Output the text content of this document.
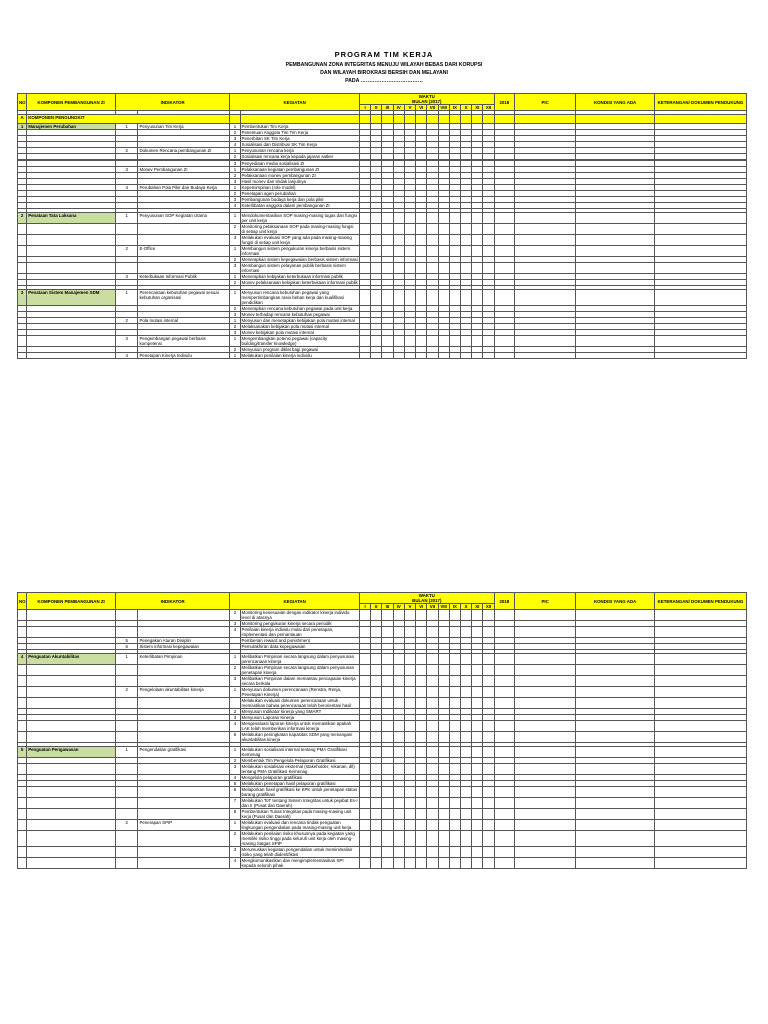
PROGRAM TIM KERJA
PEMBANGUNAN ZONA INTEGRITAS MENUJU WILAYAH BEBAS DARI KORUPSI
DAN WILAYAH BIROKRASI BERSIH DAN MELAYANI
PADA ………………………………
NO	KOMPONEN PEMBANGUNAN ZI	INDIKATOR		KEGIATAN		WAKTU
BULAN (2017)												2018	PIC	KONDISI YANG ADA	KETERANGAN/ DOKUMEN PENDUKUNG
						I	II	III	IV	V	VI	VII	VIII	IX	X	XI	XII				

A	KOMPONEN PENGUNGKIT																				
1	Manajemen Perubahan	1	Penyusunan Tim Kerja	1	Pembentukan Tim Kerja																
				2	Penentuan Anggota Tim Tim Kerja																
				3	Penerbitan SK Tim Kerja																
				4	Sosialisasi dan Distribusi SK Tim Kerja																
		2	Dokumen Rencana pembangunan ZI	1	Penyusunan rencana kerja																
				2	Sosialisasi rencana kerja kepada jajaran satker																

				3	Penyediaan media sosialisasi ZI																
		3	Monev Pembangunan ZI	1	Pelaksanaan kegiatan pembangunan ZI																
				2	Pelaksanaan monev pembangunan ZI																
				3	Hasil monev dan tindak lanjutnya																
		4	Perubahan Pola Pikir dan Budaya Kerja	1	Kepemimpinan (role model)																
				2	Penetapan agen perubahan																
				3	Pembangunan budaya kerja dan pola pikir																
				4	Keterlibatan anggota dalam pembangunan ZI																

2	Penataan Tata Laksana	1	Penyusunan SOP Kegiatan Utama	1	Mendokumentasikan SOP masing-masing tugas dan fungsi per unit kerja																
				2	Monitoring pelaksanaan SOP pada masing-masing fungsi di setiap unit kerja																
				3	Melakukan evaluasi SOP yang ada pada masing-masing fungsi di setiap unit kerja																
		2	E-Office	1	Membangun sistem pengukuran kinerja berbasis sistem informasi																
				2	Menerapkan sistem kepegawaian berbasis sistem informasi																
				3	Membangun sistem pelayanan publik berbasis sistem informasi																
		3	Keterbukaan Informasi Publik	1	Menerapkan kebijakan keterbukaan informasi publik																
				2	Monev pelaksanaan kebijakan keterbukaan informasi publik																

3	Penataan Sistem Manajemen SDM	1	Perencanaan kebutuhan pegawai sesuai kebutuhan organisasi	1	Menyusun rencana kebutuhan pegawai yang mempertimbangkan rasio beban kerja dan kualifikasi pendidikan																
				2	Menerapkan rencana kebutuhan pegawai pada unit kerja																
				3	Monev terhadap rencana kebutuhan pegawai																
		2	Pola mutasi internal	1	Menyusun dan menetapkan kebijakan pola mutasi internal																
				2	Melaksanakan kebijakan pola mutasi internal																
				3	Monev kebijakan pola mutasi internal																
		3	Pengembangan pegawai berbasis kompetensi	1	Mengembangkan potensi pegawai (capacity building/transfer knowledge)																
				2	Menyusun program diklat bagi pegawai																
		4	Penetapan Kinerja Individu	1	Melakukan penilaian kinerja individu																
NO	KOMPONEN PEMBANGUNAN ZI	INDIKATOR		KEGIATAN		WAKTU
BULAN (2017)												2018	PIC	KONDISI YANG ADA	KETERANGAN/ DOKUMEN PENDUKUNG
						I	II	III	IV	V	VI	VII	VIII	IX	X	XI	XII				
				2	Monitoring kesesuaian dengan indikator kinerja individu level di atasnya																
				3	Monitoring pengukuran kinerja secara periodik																
				4	Penilaian kinerja individu mulai dari penetapan, implementasi dan pemantauan																
		5	Penegakan Aturan Disiplin		Pemberian reward and punishment																
		6	Sistem informasi kepegawaian		Pemutakhiran data kepegawaian																

4	Penguatan Akuntabilitas	1	Keterlibatan Pimpinan	1	Melibatkan Pimpinan secara langsung dalam penyusunan perencanaan kinerja																
				2	Melibatkan Pimpinan secara langsung dalam penyusunan penetapan kinerja																
				3	Melibatkan Pimpinan dalam memantau pencapaian kinerja secara berkala																
		2	Pengelolaan akuntabilitas kinerja	1	Menyusun dokumen perencanaan (Renstra, Renja, Penetapan Kinerja)																
					Melakukan evaluasi dokumen perencanaan untuk memastikan bahwa perencanaan telah berorientasi hasil																
				2	Menyusun Indikator kinerja yang SMART																
				3	Menyusun Laporan Kinerja																
				4	Mengevaluasi laporan kinerja untuk memastikan apakah LAK telah memberikan informasi kinerja																
				5	Melakukan peningkatan kapasitas SDM yang menangani akuntabilitas kinerja																

5	Penguatan Pengawasan	1	Pengendalian gratifikasi	1	Melakukan sosialisasi internal tentang PMA Gratifikasi Kemenag																
				2	Membentuk Tim Pengelola Pelaporan Gratifikasi																
				3	Melakukan sosialisasi eksternal (stakeholder, rekanan, dll) tentang PMA Gratifikasi Kemenag																
				4	Mengelola pelaporan gratifikasi																
				5	Melakukan penetapan hasil pelaporan gratifikasi																
				6	Melaporkan hasil gratifikasi ke KPK untuk penetapan status barang gratifikasi																
				7	Melakukan ToT tentang Sistem Integritas untuk pejabat Es-I dan II (Pusat dan Daerah)																
				8	Pembentukan Tunas Integritas pada masing-masing unit kerja (Pusat dan Daerah)																
		2	Penerapan SPIP	1	Melakukan evaluasi dan rencana tindak penguatan lingkungan pengendalian pada masing-masing unit kerja																
				2	Melakukan penilaian risiko khususnya pada kegiatan yang memiliki risiko tinggi pada seluruh unit kerja oleh masing-masing Satgas SPIP																
				3	Merumuskan kegiatan pengendalian untuk meminimalisir risiko yang telah diidentifikasi																
				4	Mengkomunikasikan dan mengimplementasikan SPI kepada seluruh pihak																
